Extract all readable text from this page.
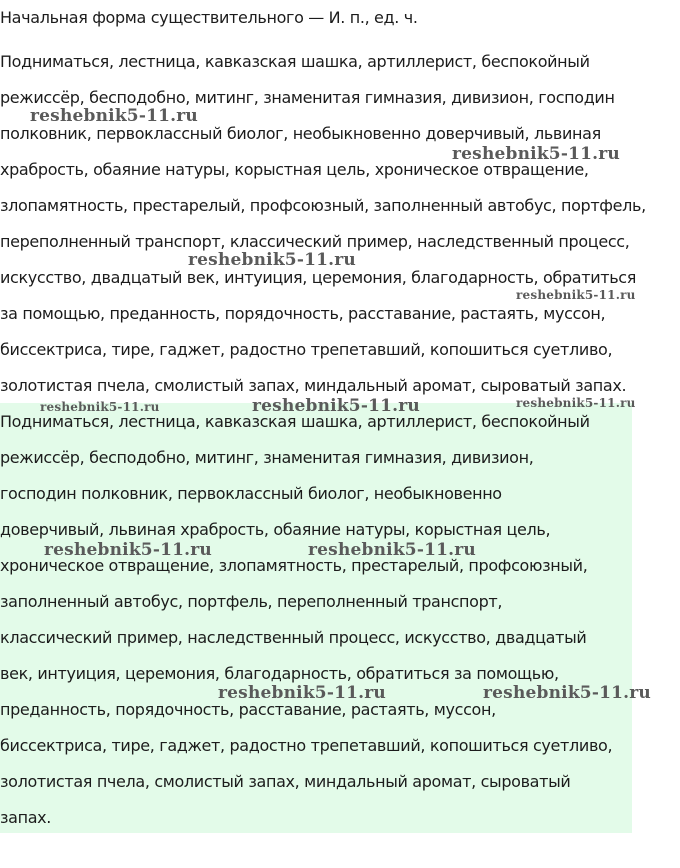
Начальная форма существительного — И. п., ед. ч.
Подниматься, лестница, кавказская шашка, артиллерист, беспокойный
режиссёр, бесподобно, митинг, знаменитая гимназия, дивизион, господин
полковник, первоклассный биолог, необыкновенно доверчивый, львиная
храбрость, обаяние натуры, корыстная цель, хроническое отвращение,
злопамятность, престарелый, профсоюзный, заполненный автобус, портфель,
переполненный транспорт, классический пример, наследственный процесс,
искусство, двадцатый век, интуиция, церемония, благодарность, обратиться
за помощью, преданность, порядочность, расставание, растаять, муссон,
биссектриса, тире, гаджет, радостно трепетавший, копошиться суетливо,
золотистая пчела, смолистый запах, миндальный аромат, сыроватый запах.
Подниматься, лестница, кавказская шашка, артиллерист, беспокойный
режиссёр, бесподобно, митинг, знаменитая гимназия, дивизион,
господин полковник, первоклассный биолог, необыкновенно
доверчивый, львиная храбрость, обаяние натуры, корыстная цель,
хроническое отвращение, злопамятность, престарелый, профсоюзный,
заполненный автобус, портфель, переполненный транспорт,
классический пример, наследственный процесс, искусство, двадцатый
век, интуиция, церемония, благодарность, обратиться за помощью,
преданность, порядочность, расставание, растаять, муссон,
биссектриса, тире, гаджет, радостно трепетавший, копошиться суетливо,
золотистая пчела, смолистый запах, миндальный аромат, сыроватый
запах.
reshebnik5-11.ru
reshebnik5-11.ru
reshebnik5-11.ru
reshebnik5-11.ru
reshebnik5-11.ru	reshebnik5-11.ru	reshebnik5-11.ru
reshebnik5-11.ru	reshebnik5-11.ru
reshebnik5-11.ru	reshebnik5-11.ru
